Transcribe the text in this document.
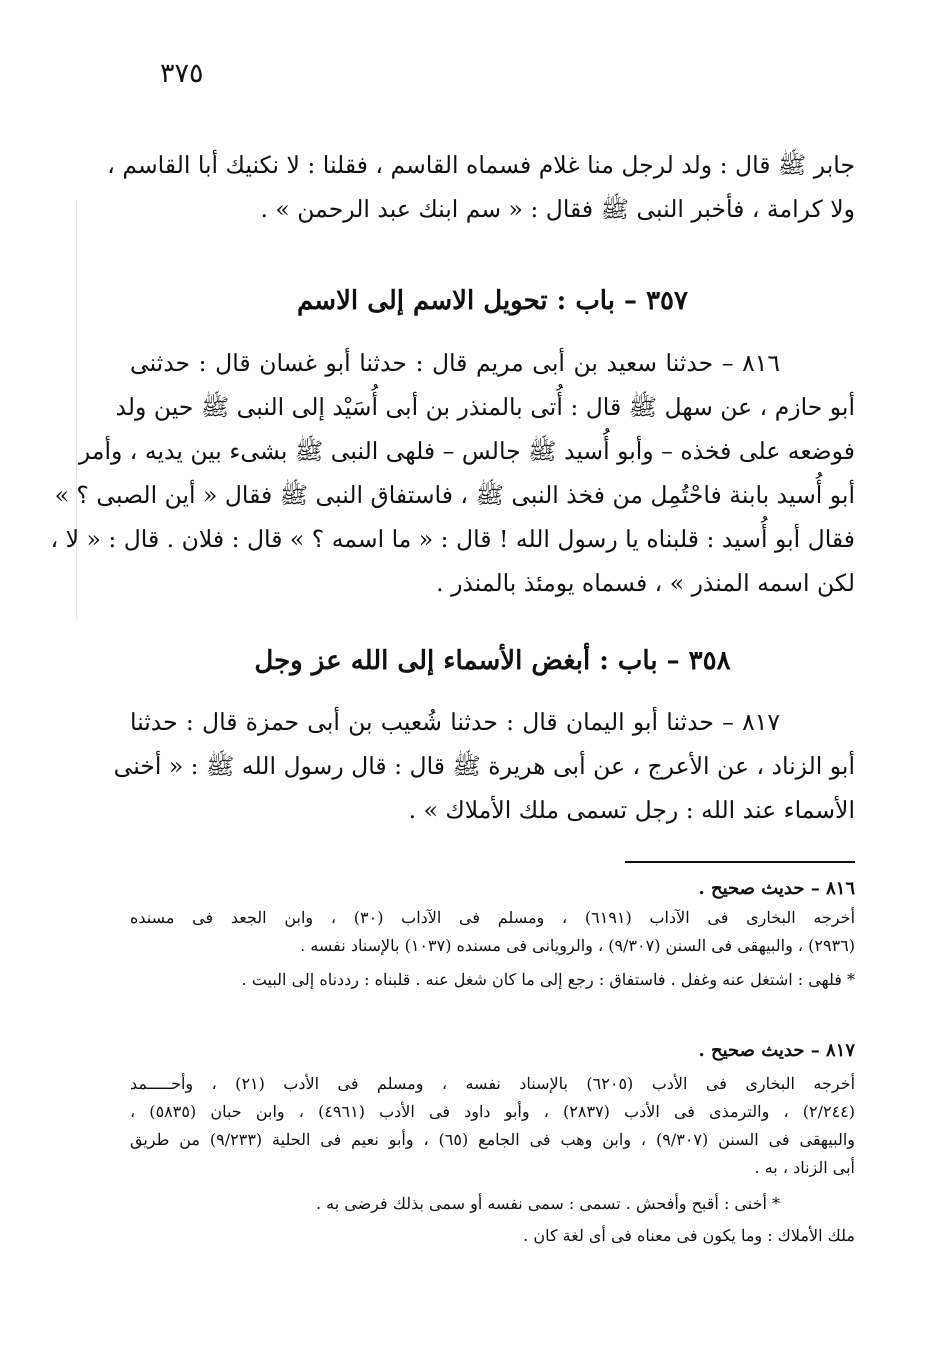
٣٧٥
جابر ﷺ قال : ولد لرجل منا غلام فسماه القاسم ، فقلنا : لا نكنيك أبا القاسم ،
ولا كرامة ، فأخبر النبى ﷺ فقال : « سم ابنك عبد الرحمن » .
٣٥٧ – باب : تحويل الاسم إلى الاسم
٨١٦ – حدثنا سعيد بن أبى مريم قال : حدثنا أبو غسان قال : حدثنى
أبو حازم ، عن سهل ﷺ قال : أُتى بالمنذر بن أبى أُسَيْد إلى النبى ﷺ حين ولد
فوضعه على فخذه – وأبو أُسيد ﷺ جالس – فلهى النبى ﷺ بشىء بين يديه ، وأمر
أبو أُسيد بابنة فاحْتُمِل من فخذ النبى ﷺ ، فاستفاق النبى ﷺ فقال « أين الصبى ؟ »
فقال أبو أُسيد : قلبناه يا رسول الله ! قال : « ما اسمه ؟ » قال : فلان . قال : « لا ،
لكن اسمه المنذر » ، فسماه يومئذ بالمنذر .
٣٥٨ – باب : أبغض الأسماء إلى الله عز وجل
٨١٧ – حدثنا أبو اليمان قال : حدثنا شُعيب بن أبى حمزة قال : حدثنا
أبو الزناد ، عن الأعرج ، عن أبى هريرة ﷺ قال : قال رسول الله ﷺ : « أخنى
الأسماء عند الله : رجل تسمى ملك الأملاك » .
٨١٦ – حديث صحيح .
أخرجه البخارى فى الآداب (٦١٩١) ، ومسلم فى الآداب (٣٠) ، وابن الجعد فى مسنده
(٢٩٣٦) ، والبيهقى فى السنن (٩/٣٠٧) ، والرويانى فى مسنده (١٠٣٧) بالإسناد نفسه .
* فلهى : اشتغل عنه وغفل . فاستفاق : رجع إلى ما كان شغل عنه . قلبناه : رددناه إلى البيت .
٨١٧ – حديث صحيح .
أخرجه البخارى فى الأدب (٦٢٠٥) بالإسناد نفسه ، ومسلم فى الأدب (٢١) ، وأحـــــمد
(٢/٢٤٤) ، والترمذى فى الأدب (٢٨٣٧) ، وأبو داود فى الأدب (٤٩٦١) ، وابن حبان (٥٨٣٥) ،
والبيهقى فى السنن (٩/٣٠٧) ، وابن وهب فى الجامع (٦٥) ، وأبو نعيم فى الحلية (٩/٢٣٣) من طريق
أبى الزناد ، به .
* أخنى : أقبح وأفحش . تسمى : سمى نفسه أو سمى بذلك فرضى به .
ملك الأملاك : وما يكون فى معناه فى أى لغة كان .
